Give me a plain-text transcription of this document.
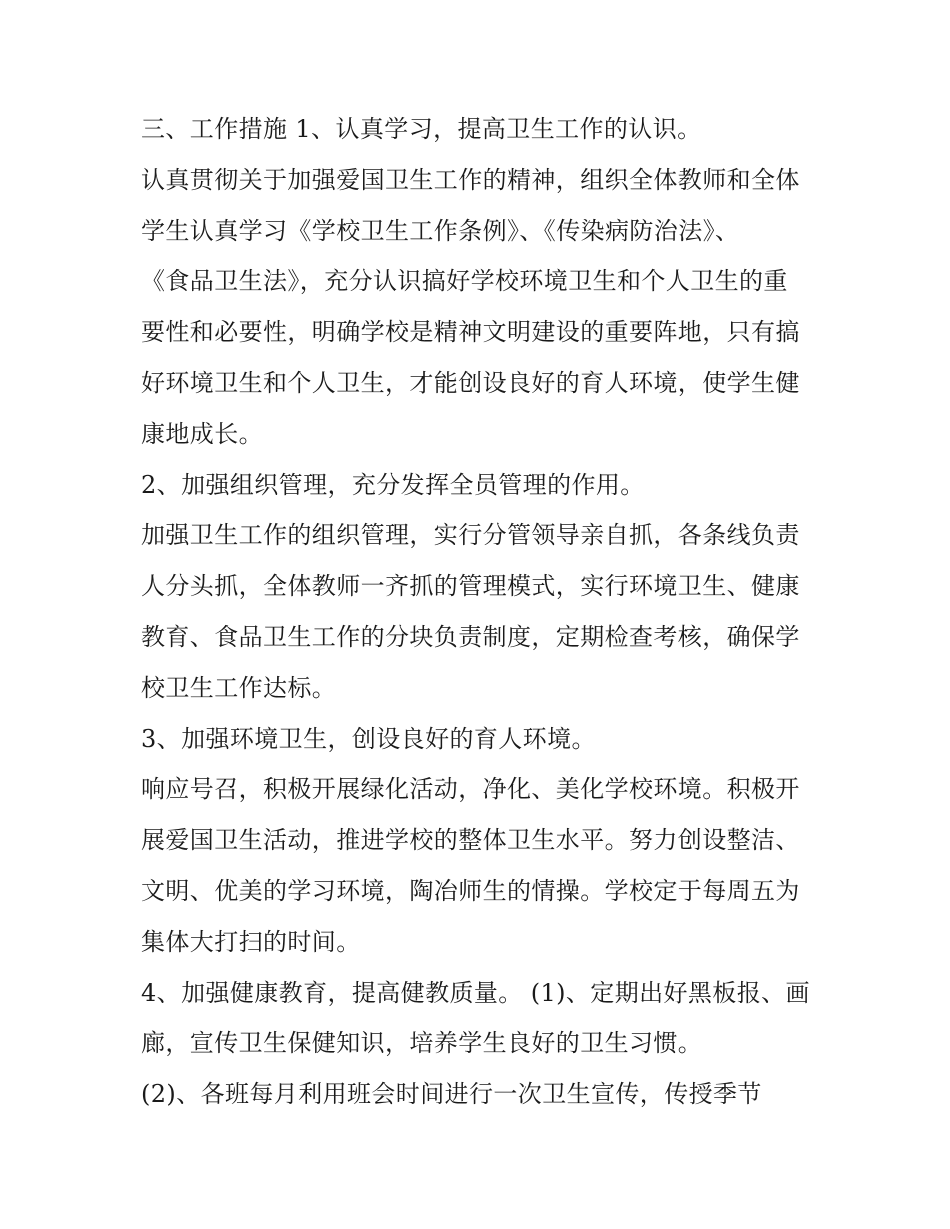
三、工作措施 1、认真学习，提高卫生工作的认识。
认真贯彻关于加强爱国卫生工作的精神，组织全体教师和全体
学生认真学习《学校卫生工作条例》、《传染病防治法》、
《食品卫生法》，充分认识搞好学校环境卫生和个人卫生的重
要性和必要性，明确学校是精神文明建设的重要阵地，只有搞
好环境卫生和个人卫生，才能创设良好的育人环境，使学生健
康地成长。
2、加强组织管理，充分发挥全员管理的作用。
加强卫生工作的组织管理，实行分管领导亲自抓，各条线负责
人分头抓，全体教师一齐抓的管理模式，实行环境卫生、健康
教育、食品卫生工作的分块负责制度，定期检查考核，确保学
校卫生工作达标。
3、加强环境卫生，创设良好的育人环境。
响应号召，积极开展绿化活动，净化、美化学校环境。积极开
展爱国卫生活动，推进学校的整体卫生水平。努力创设整洁、
文明、优美的学习环境，陶冶师生的情操。学校定于每周五为
集体大打扫的时间。
4、加强健康教育，提高健教质量。 (1)、定期出好黑板报、画
廊，宣传卫生保健知识，培养学生良好的卫生习惯。
(2)、各班每月利用班会时间进行一次卫生宣传，传授季节
